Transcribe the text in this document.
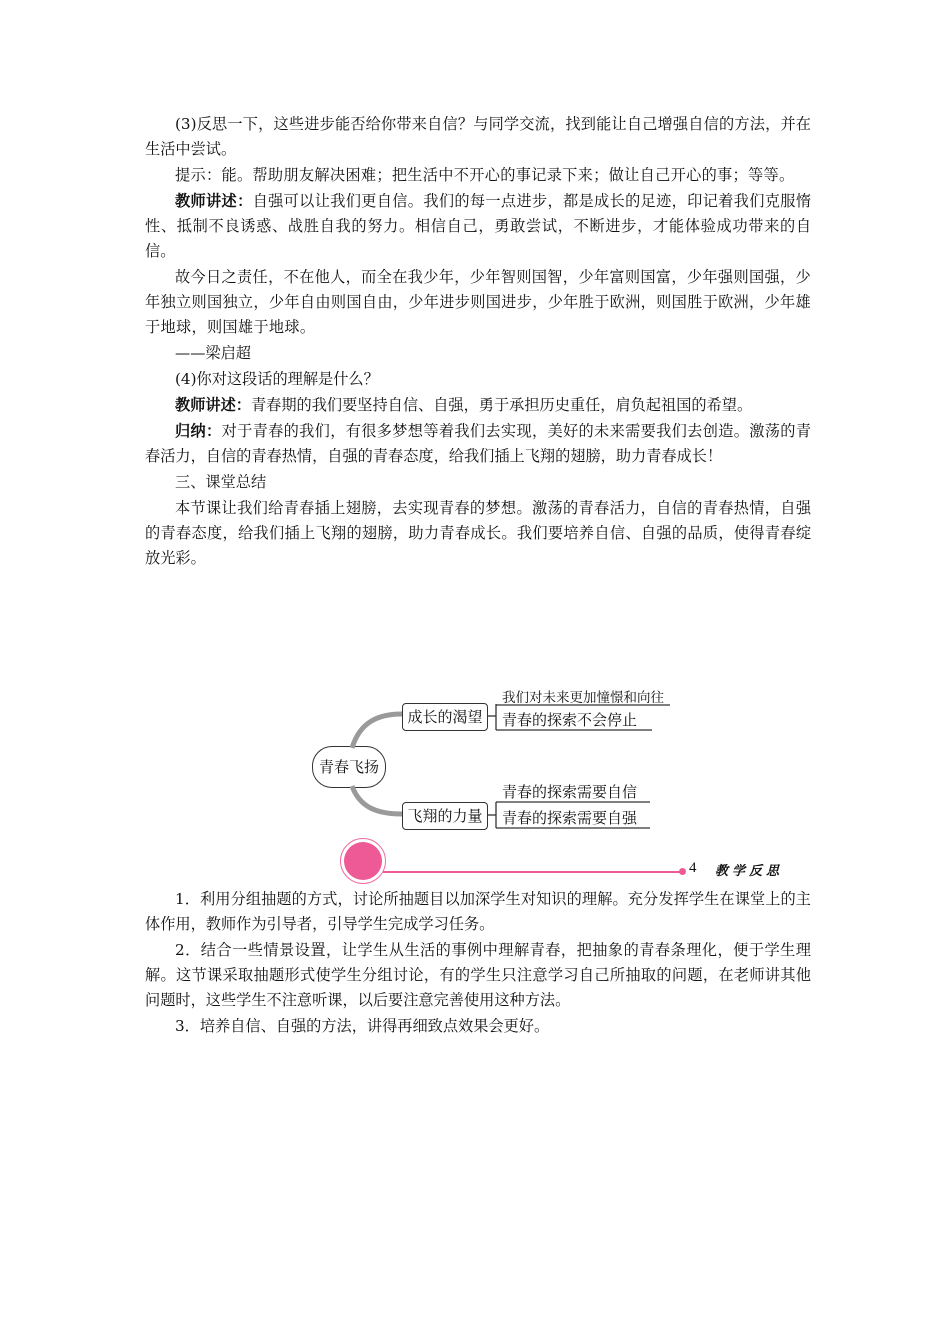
(3)反思一下，这些进步能否给你带来自信？与同学交流，找到能让自己增强自信的方法，并在生活中尝试。

提示：能。帮助朋友解决困难；把生活中不开心的事记录下来；做让自己开心的事；等等。

教师讲述：自强可以让我们更自信。我们的每一点进步，都是成长的足迹，印记着我们克服惰性、抵制不良诱惑、战胜自我的努力。相信自己，勇敢尝试，不断进步，才能体验成功带来的自信。

故今日之责任，不在他人，而全在我少年，少年智则国智，少年富则国富，少年强则国强，少年独立则国独立，少年自由则国自由，少年进步则国进步，少年胜于欧洲，则国胜于欧洲，少年雄于地球，则国雄于地球。

——梁启超

(4)你对这段话的理解是什么？

教师讲述：青春期的我们要坚持自信、自强，勇于承担历史重任，肩负起祖国的希望。

归纳：对于青春的我们，有很多梦想等着我们去实现，美好的未来需要我们去创造。激荡的青春活力，自信的青春热情，自强的青春态度，给我们插上飞翔的翅膀，助力青春成长！

三、课堂总结

本节课让我们给青春插上翅膀，去实现青春的梦想。激荡的青春活力，自信的青春热情，自强的青春态度，给我们插上飞翔的翅膀，助力青春成长。我们要培养自信、自强的品质，使得青春绽放光彩。

青春飞扬
成长的渴望
我们对未来更加憧憬和向往
青春的探索不会停止
飞翔的力量
青春的探索需要自信
青春的探索需要自强
4 教学反思

1．利用分组抽题的方式，讨论所抽题目以加深学生对知识的理解。充分发挥学生在课堂上的主体作用，教师作为引导者，引导学生完成学习任务。

2．结合一些情景设置，让学生从生活的事例中理解青春，把抽象的青春条理化，便于学生理解。这节课采取抽题形式使学生分组讨论，有的学生只注意学习自己所抽取的问题，在老师讲其他问题时，这些学生不注意听课，以后要注意完善使用这种方法。

3．培养自信、自强的方法，讲得再细致点效果会更好。
